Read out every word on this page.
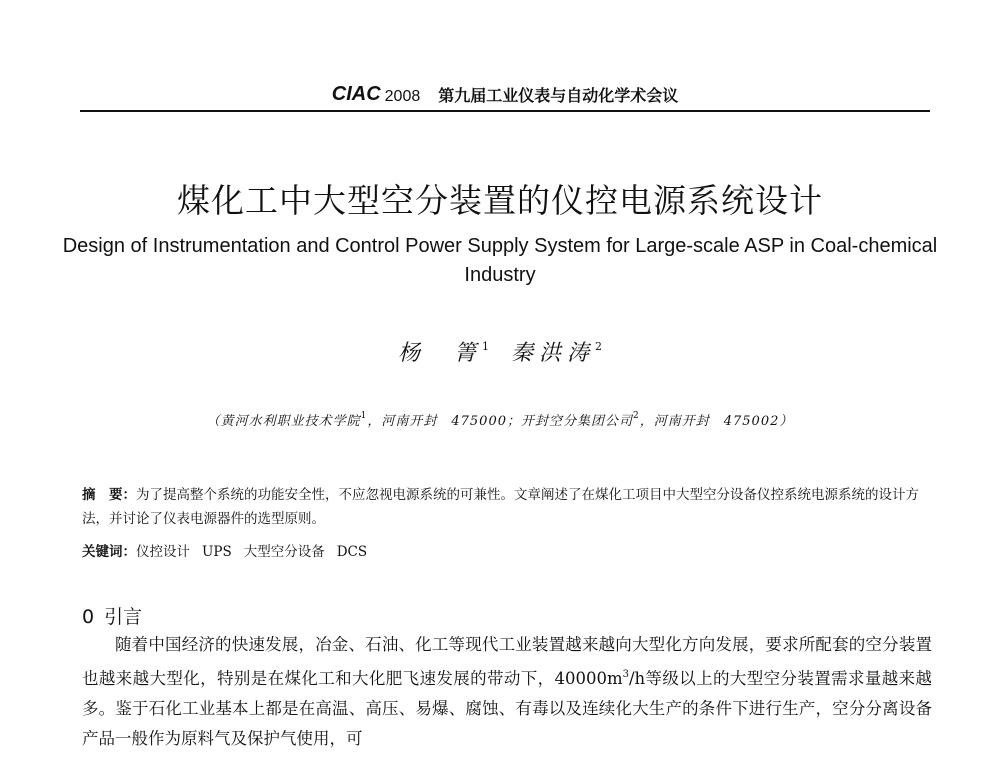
CIAC 2008 第九届工业仪表与自动化学术会议
煤化工中大型空分装置的仪控电源系统设计
Design of Instrumentation and Control Power Supply System for Large-scale ASP in Coal-chemical Industry
杨　箐$^1$ 秦洪涛$^2$
（黄河水利职业技术学院$^1$，河南开封　475000；开封空分集团公司$^2$，河南开封　475002）
摘　要：为了提高整个系统的功能安全性，不应忽视电源系统的可兼性。文章阐述了在煤化工项目中大型空分设备仪控系统电源系统的设计方法，并讨论了仪表电源器件的选型原则。
关键词：仪控设计 UPS 大型空分设备 DCS
0 引言

随着中国经济的快速发展，冶金、石油、化工等现代工业装置越来越向大型化方向发展，要求所配套的空分装置也越来越大型化，特别是在煤化工和大化肥飞速发展的带动下，$40000m^3/h$等级以上的大型空分装置需求量越来越多。鉴于石化工业基本上都是在高温、高压、易爆、腐蚀、有毒以及连续化大生产的条件下进行生产，空分分离设备产品一般作为原料气及保护气使用，可
